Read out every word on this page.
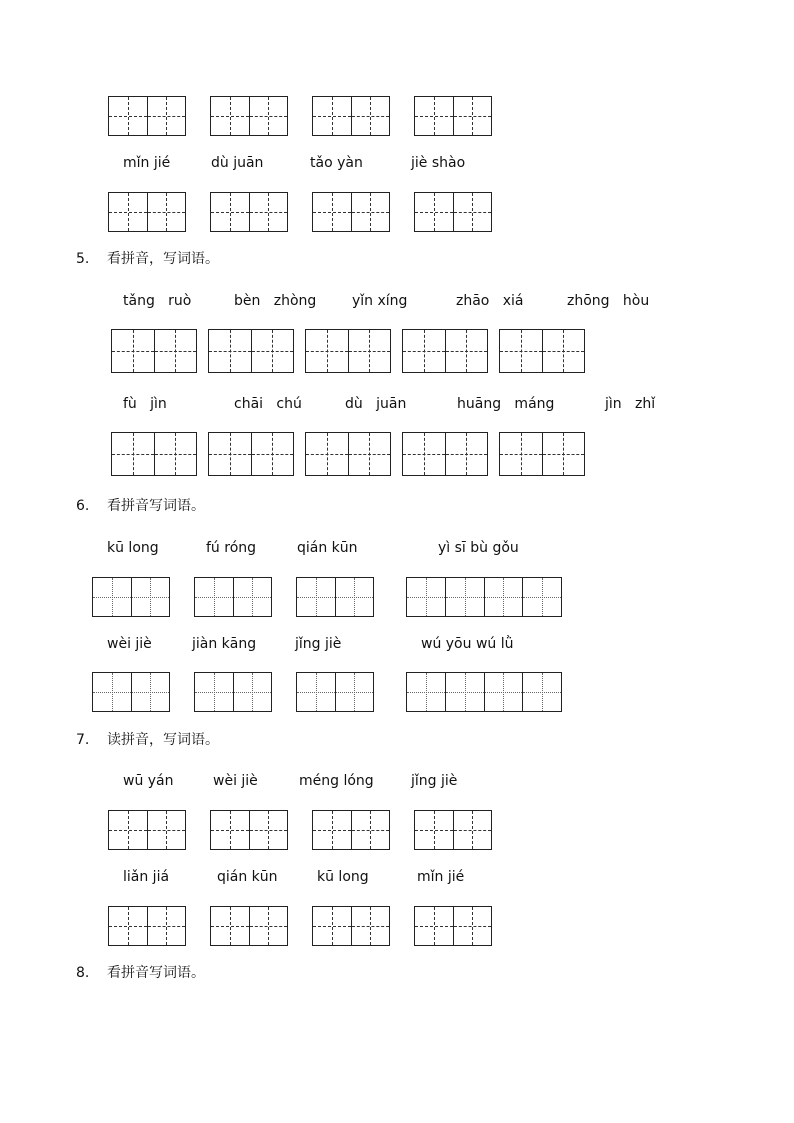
mǐn jié	dù juān	tǎo yàn	jiè shào
5. 看拼音，写词语。
tǎng   ruò	bèn   zhòng	yǐn xíng	zhāo   xiá	zhōng   hòu
fù   jìn	chāi   chú	dù   juān	huāng   máng	jìn   zhǐ
6. 看拼音写词语。
kū long	fú róng	qián kūn	yì sī bù gǒu
wèi jiè	jiàn kāng	jǐng jiè	wú yōu wú lǜ
7. 读拼音，写词语。
wū yán	wèi jiè	méng lóng	jǐng jiè
liǎn jiá	qián kūn	kū long	mǐn jié
8. 看拼音写词语。
